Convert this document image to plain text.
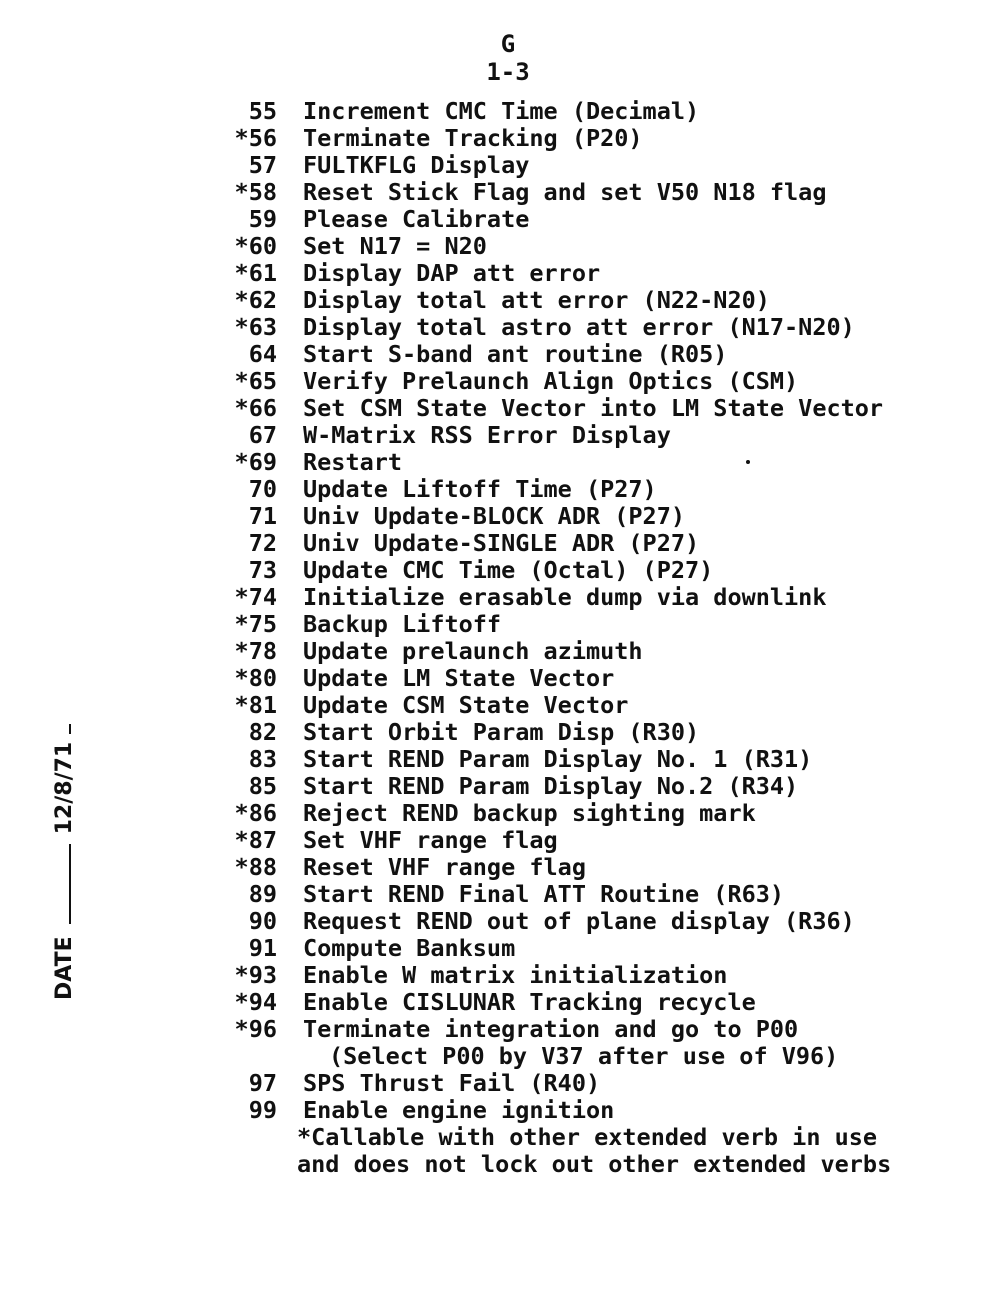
G
1-3
55 Increment CMC Time (Decimal)
*56 Terminate Tracking (P20)
57 FULTKFLG Display
*58 Reset Stick Flag and set V50 N18 flag
59 Please Calibrate
*60 Set N17 = N20
*61 Display DAP att error
*62 Display total att error (N22-N20)
*63 Display total astro att error (N17-N20)
64 Start S-band ant routine (R05)
*65 Verify Prelaunch Align Optics (CSM)
*66 Set CSM State Vector into LM State Vector
67 W-Matrix RSS Error Display
*69 Restart
70 Update Liftoff Time (P27)
71 Univ Update-BLOCK ADR (P27)
72 Univ Update-SINGLE ADR (P27)
73 Update CMC Time (Octal) (P27)
*74 Initialize erasable dump via downlink
*75 Backup Liftoff
*78 Update prelaunch azimuth
*80 Update LM State Vector
*81 Update CSM State Vector
82 Start Orbit Param Disp (R30)
83 Start REND Param Display No. 1 (R31)
85 Start REND Param Display No.2 (R34)
*86 Reject REND backup sighting mark
*87 Set VHF range flag
*88 Reset VHF range flag
89 Start REND Final ATT Routine (R63)
90 Request REND out of plane display (R36)
91 Compute Banksum
*93 Enable W matrix initialization
*94 Enable CISLUNAR Tracking recycle
*96 Terminate integration and go to P00
(Select P00 by V37 after use of V96)
97 SPS Thrust Fail (R40)
99 Enable engine ignition
*Callable with other extended verb in use
and does not lock out other extended verbs
DATE
12/8/71
